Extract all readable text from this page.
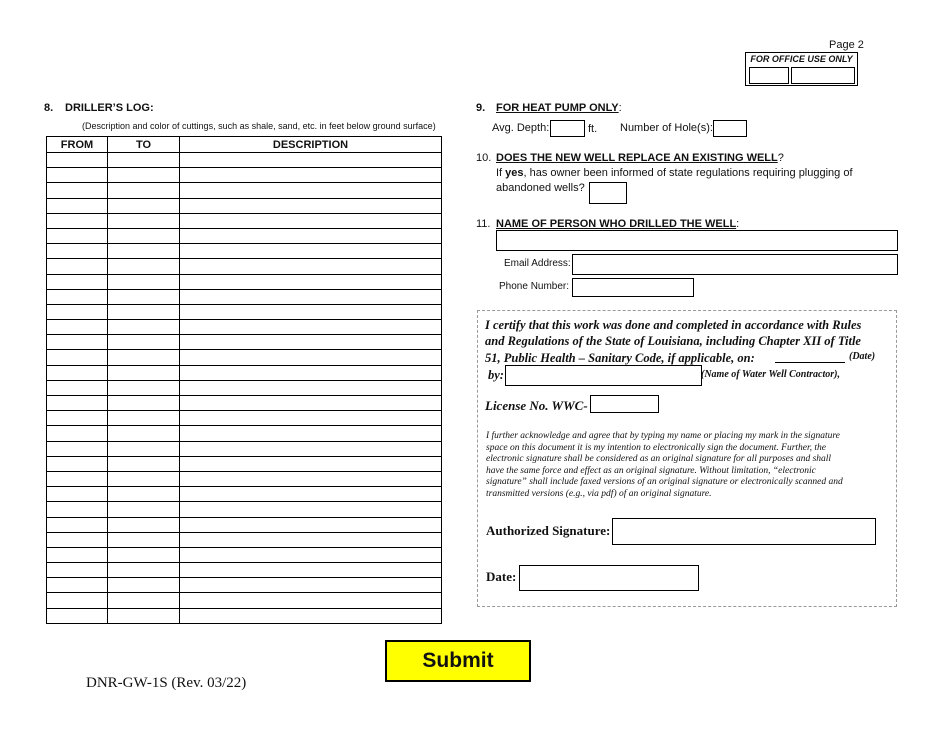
Page 2
FOR OFFICE USE ONLY
8. DRILLER’S LOG:
(Description and color of cuttings, such as shale, sand, etc. in feet below ground surface)
FROM	TO	DESCRIPTION

9. FOR HEAT PUMP ONLY:
Avg. Depth:	ft. Number of Hole(s):
10. DOES THE NEW WELL REPLACE AN EXISTING WELL?
If yes, has owner been informed of state regulations requiring plugging of
abandoned wells?
11. NAME OF PERSON WHO DRILLED THE WELL:
Email Address:
Phone Number:
I certify that this work was done and completed in accordance with Rules
and Regulations of the State of Louisiana, including Chapter XII of Title
51, Public Health – Sanitary Code, if applicable, on:	(Date)
by:	(Name of Water Well Contractor),
License No. WWC-
I further acknowledge and agree that by typing my name or placing my mark in the signature
space on this document it is my intention to electronically sign the document. Further, the
electronic signature shall be considered as an original signature for all purposes and shall
have the same force and effect as an original signature. Without limitation, “electronic
signature” shall include faxed versions of an original signature or electronically scanned and
transmitted versions (e.g., via pdf) of an original signature.
Authorized Signature:
Date:
Submit
DNR-GW-1S (Rev. 03/22)
